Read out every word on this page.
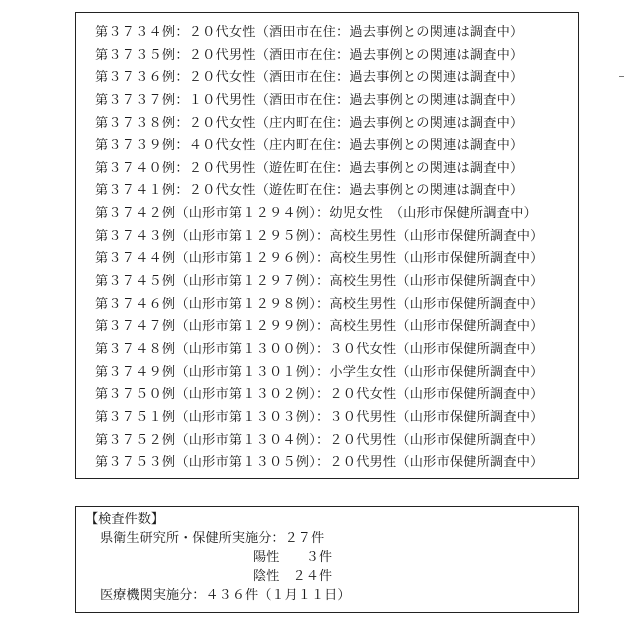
第３７３４例：２０代女性（酒田市在住：過去事例との関連は調査中）
第３７３５例：２０代男性（酒田市在住：過去事例との関連は調査中）
第３７３６例：２０代女性（酒田市在住：過去事例との関連は調査中）
第３７３７例：１０代男性（酒田市在住：過去事例との関連は調査中）
第３７３８例：２０代女性（庄内町在住：過去事例との関連は調査中）
第３７３９例：４０代女性（庄内町在住：過去事例との関連は調査中）
第３７４０例：２０代男性（遊佐町在住：過去事例との関連は調査中）
第３７４１例：２０代女性（遊佐町在住：過去事例との関連は調査中）
第３７４２例（山形市第１２９４例）：幼児女性　（山形市保健所調査中）
第３７４３例（山形市第１２９５例）：高校生男性（山形市保健所調査中）
第３７４４例（山形市第１２９６例）：高校生男性（山形市保健所調査中）
第３７４５例（山形市第１２９７例）：高校生男性（山形市保健所調査中）
第３７４６例（山形市第１２９８例）：高校生男性（山形市保健所調査中）
第３７４７例（山形市第１２９９例）：高校生男性（山形市保健所調査中）
第３７４８例（山形市第１３００例）：３０代女性（山形市保健所調査中）
第３７４９例（山形市第１３０１例）：小学生女性（山形市保健所調査中）
第３７５０例（山形市第１３０２例）：２０代女性（山形市保健所調査中）
第３７５１例（山形市第１３０３例）：３０代男性（山形市保健所調査中）
第３７５２例（山形市第１３０４例）：２０代男性（山形市保健所調査中）
第３７５３例（山形市第１３０５例）：２０代男性（山形市保健所調査中）
【検査件数】
県衛生研究所・保健所実施分：２７件
陽性　　３件
陰性　２４件
医療機関実施分：４３６件（１月１１日）
